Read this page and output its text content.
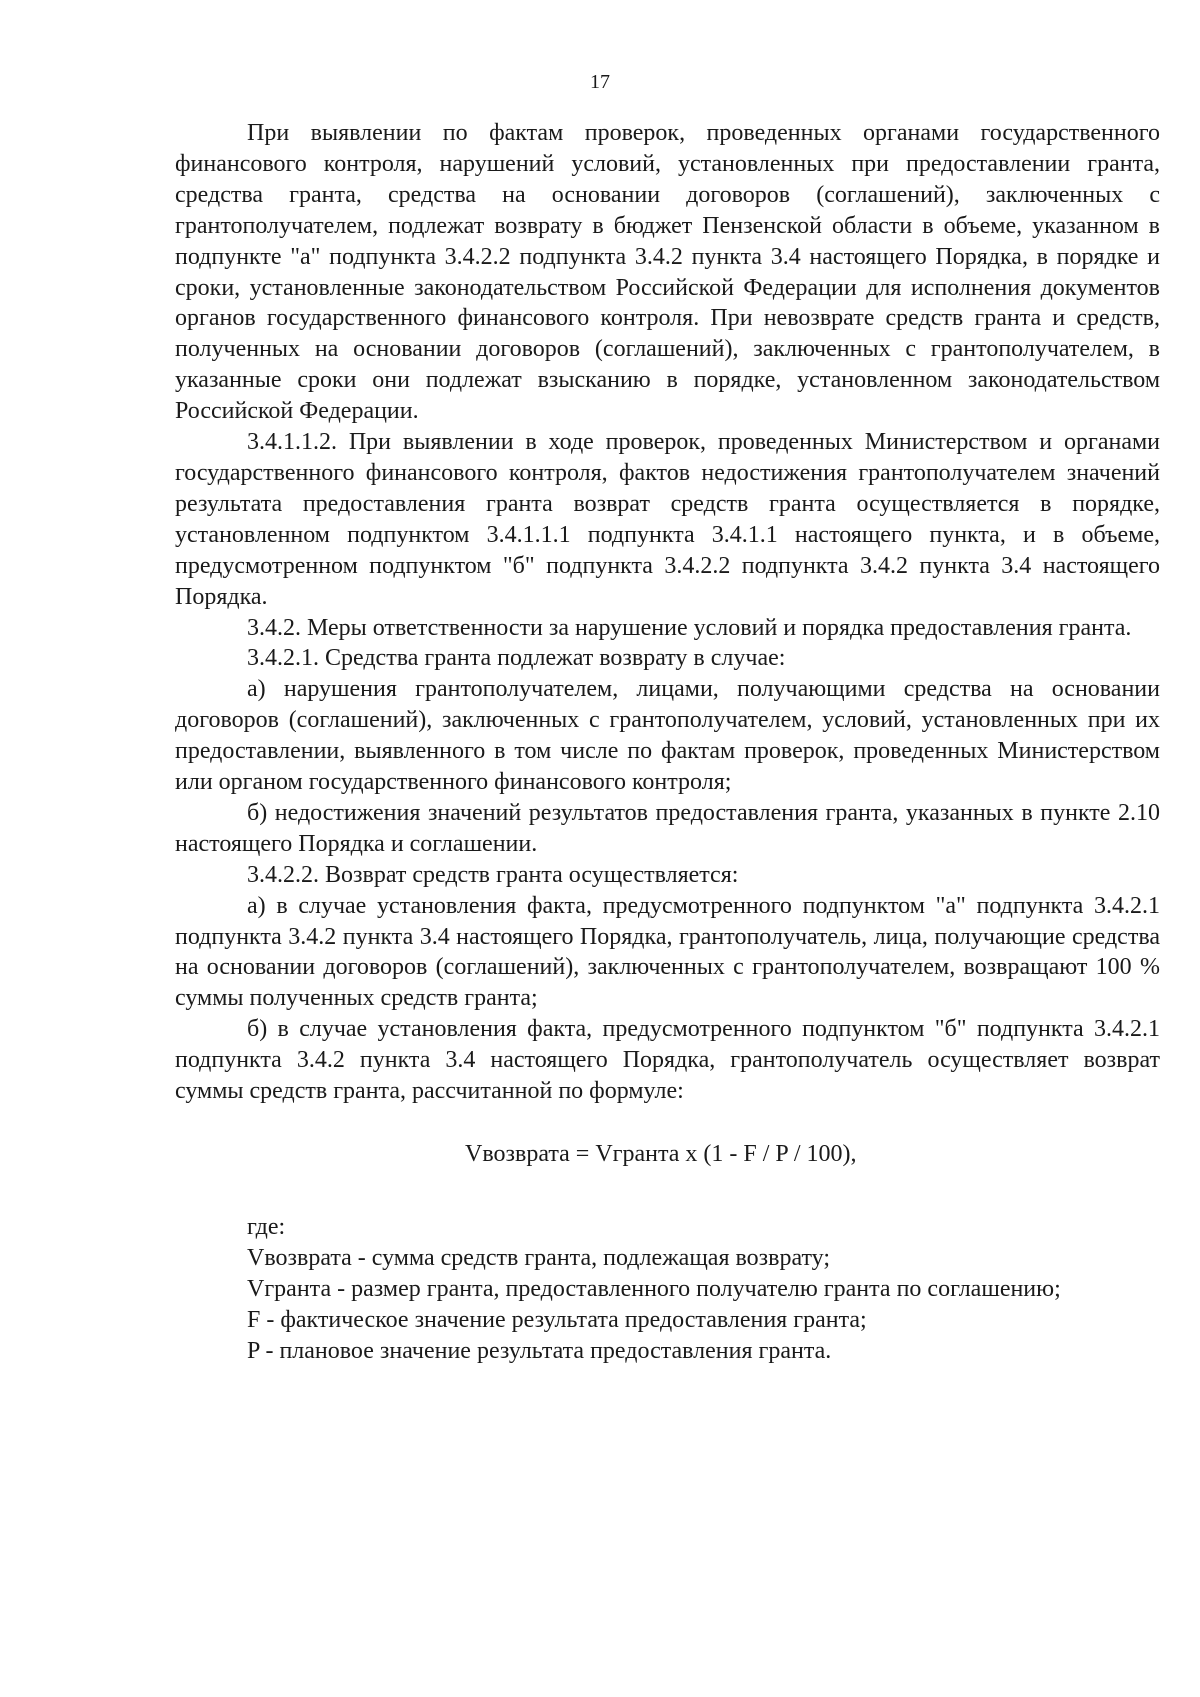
17

При выявлении по фактам проверок, проведенных органами государственного финансового контроля, нарушений условий, установленных при предоставлении гранта, средства гранта, средства на основании договоров (соглашений), заключенных с грантополучателем, подлежат возврату в бюджет Пензенской области в объеме, указанном в подпункте "а" подпункта 3.4.2.2 подпункта 3.4.2 пункта 3.4 настоящего Порядка, в порядке и сроки, установленные законодательством Российской Федерации для исполнения документов органов государственного финансового контроля. При невозврате средств гранта и средств, полученных на основании договоров (соглашений), заключенных с грантополучателем, в указанные сроки они подлежат взысканию в порядке, установленном законодательством Российской Федерации.

3.4.1.1.2. При выявлении в ходе проверок, проведенных Министерством и органами государственного финансового контроля, фактов недостижения грантополучателем значений результата предоставления гранта возврат средств гранта осуществляется в порядке, установленном подпунктом 3.4.1.1.1 подпункта 3.4.1.1 настоящего пункта, и в объеме, предусмотренном подпунктом "б" подпункта 3.4.2.2 подпункта 3.4.2 пункта 3.4 настоящего Порядка.

3.4.2. Меры ответственности за нарушение условий и порядка предоставления гранта.

3.4.2.1. Средства гранта подлежат возврату в случае:

а) нарушения грантополучателем, лицами, получающими средства на основании договоров (соглашений), заключенных с грантополучателем, условий, установленных при их предоставлении, выявленного в том числе по фактам проверок, проведенных Министерством или органом государственного финансового контроля;

б) недостижения значений результатов предоставления гранта, указанных в пункте 2.10 настоящего Порядка и соглашении.

3.4.2.2. Возврат средств гранта осуществляется:

а) в случае установления факта, предусмотренного подпунктом "а" подпункта 3.4.2.1 подпункта 3.4.2 пункта 3.4 настоящего Порядка, грантополучатель, лица, получающие средства на основании договоров (соглашений), заключенных с грантополучателем, возвращают 100 % суммы полученных средств гранта;

б) в случае установления факта, предусмотренного подпунктом "б" подпункта 3.4.2.1 подпункта 3.4.2 пункта 3.4 настоящего Порядка, грантополучатель осуществляет возврат суммы средств гранта, рассчитанной по формуле:

Vвозврата = Vгранта x (1 - F / P / 100),

где:

Vвозврата - сумма средств гранта, подлежащая возврату;

Vгранта - размер гранта, предоставленного получателю гранта по соглашению;

F - фактическое значение результата предоставления гранта;

P - плановое значение результата предоставления гранта.
